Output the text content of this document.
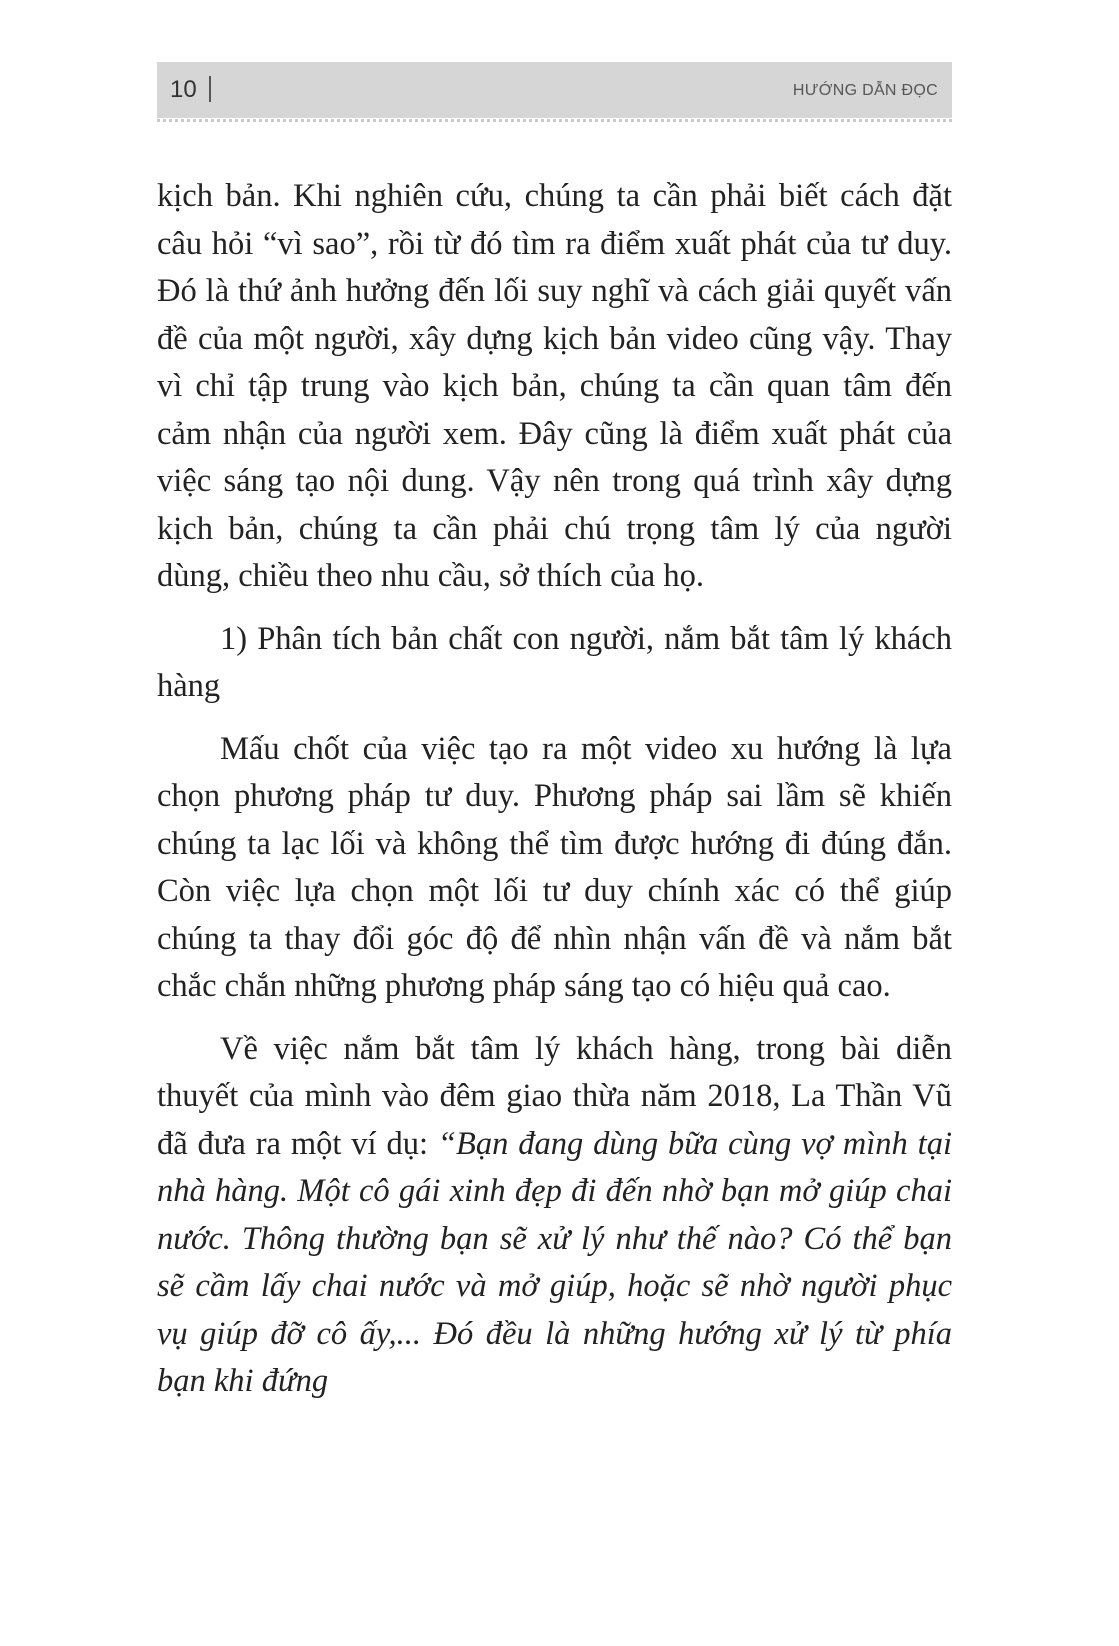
10	HƯỚNG DẪN ĐỌC

kịch bản. Khi nghiên cứu, chúng ta cần phải biết cách đặt câu hỏi “vì sao”, rồi từ đó tìm ra điểm xuất phát của tư duy. Đó là thứ ảnh hưởng đến lối suy nghĩ và cách giải quyết vấn đề của một người, xây dựng kịch bản video cũng vậy. Thay vì chỉ tập trung vào kịch bản, chúng ta cần quan tâm đến cảm nhận của người xem. Đây cũng là điểm xuất phát của việc sáng tạo nội dung. Vậy nên trong quá trình xây dựng kịch bản, chúng ta cần phải chú trọng tâm lý của người dùng, chiều theo nhu cầu, sở thích của họ.

1) Phân tích bản chất con người, nắm bắt tâm lý khách hàng

Mấu chốt của việc tạo ra một video xu hướng là lựa chọn phương pháp tư duy. Phương pháp sai lầm sẽ khiến chúng ta lạc lối và không thể tìm được hướng đi đúng đắn. Còn việc lựa chọn một lối tư duy chính xác có thể giúp chúng ta thay đổi góc độ để nhìn nhận vấn đề và nắm bắt chắc chắn những phương pháp sáng tạo có hiệu quả cao.

Về việc nắm bắt tâm lý khách hàng, trong bài diễn thuyết của mình vào đêm giao thừa năm 2018, La Thần Vũ đã đưa ra một ví dụ: “Bạn đang dùng bữa cùng vợ mình tại nhà hàng. Một cô gái xinh đẹp đi đến nhờ bạn mở giúp chai nước. Thông thường bạn sẽ xử lý như thế nào? Có thể bạn sẽ cầm lấy chai nước và mở giúp, hoặc sẽ nhờ người phục vụ giúp đỡ cô ấy,... Đó đều là những hướng xử lý từ phía bạn khi đứng
